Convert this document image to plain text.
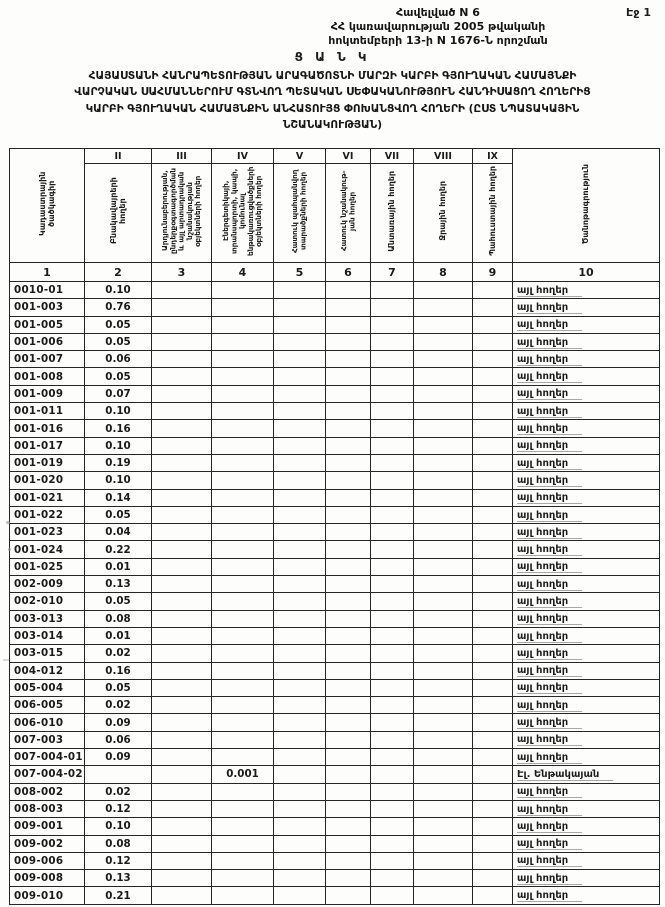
Հավելված N 6
ՀՀ կառավարության 2005 թվականի
հոկտեմբերի 13-ի N 1676-Ն որոշման
Էջ 1
Ց Ա Ն Կ
ՀԱՅԱՍՏԱՆԻ ՀԱՆՐԱՊԵՏՈՒԹՅԱՆ ԱՐԱԳԱԾՈՏՆԻ ՄԱՐԶԻ ԿԱՐԲԻ ԳՅՈՒՂԱԿԱՆ ՀԱՄԱՅՆՔԻ
ՎԱՐՉԱԿԱՆ ՍԱՀՄԱՆՆԵՐՈՒՄ ԳՏՆՎՈՂ ՊԵՏԱԿԱՆ ՍԵՓԱԿԱՆՈՒԹՅՈՒՆ ՀԱՆԴԻՍԱՑՈՂ ՀՈՂԵՐԻՑ
ԿԱՐԲԻ ԳՅՈՒՂԱԿԱՆ ՀԱՄԱՅՆՔԻՆ ԱՆՀԱՏՈՒՅՑ ՓՈԽԱՆՑՎՈՂ ՀՈՂԵՐԻ (ԸՍՏ ՆՊԱՏԱԿԱՅԻՆ
ՆՇԱՆԱԿՈՒԹՅԱՆ)
Կադաստրային ծածկագիր	II	III	IV	V	VI	VII	VIII	IX	Ծանոթագրություն
	Բնակավայրերի հողեր	Արդյունաբերության, ընդերքօգտագործման և այլ արտադրական նշանակության օբյեկտների հողեր	Էներգետիկայի, տրանսպորտի, կապի, կոմունալ ենթակառուցվածքների օբյեկտների հողեր	Հատուկ պահպանվող տարածքների հողեր	Հատուկ նշանակութ-յան հողեր	Անտառային հողեր	Ջրային հողեր	Պահուստային հողեր	
1	2	3	4	5	6	7	8	9	10
0010-01	0.10								այլ հողեր
001-003	0.76								այլ հողեր
001-005	0.05								այլ հողեր
001-006	0.05								այլ հողեր
001-007	0.06								այլ հողեր
001-008	0.05								այլ հողեր
001-009	0.07								այլ հողեր
001-011	0.10								այլ հողեր
001-016	0.16								այլ հողեր
001-017	0.10								այլ հողեր
001-019	0.19								այլ հողեր
001-020	0.10								այլ հողեր
001-021	0.14								այլ հողեր
001-022	0.05								այլ հողեր
001-023	0.04								այլ հողեր
001-024	0.22								այլ հողեր
001-025	0.01								այլ հողեր
002-009	0.13								այլ հողեր
002-010	0.05								այլ հողեր
003-013	0.08								այլ հողեր
003-014	0.01								այլ հողեր
003-015	0.02								այլ հողեր
004-012	0.16								այլ հողեր
005-004	0.05								այլ հողեր
006-005	0.02								այլ հողեր
006-010	0.09								այլ հողեր
007-003	0.06								այլ հողեր
007-004-01	0.09								այլ հողեր
007-004-02			0.001						Էլ. Ենթակայան
008-002	0.02								այլ հողեր
008-003	0.12								այլ հողեր
009-001	0.10								այլ հողեր
009-002	0.08								այլ հողեր
009-006	0.12								այլ հողեր
009-008	0.13								այլ հողեր
009-010	0.21								այլ հողեր
